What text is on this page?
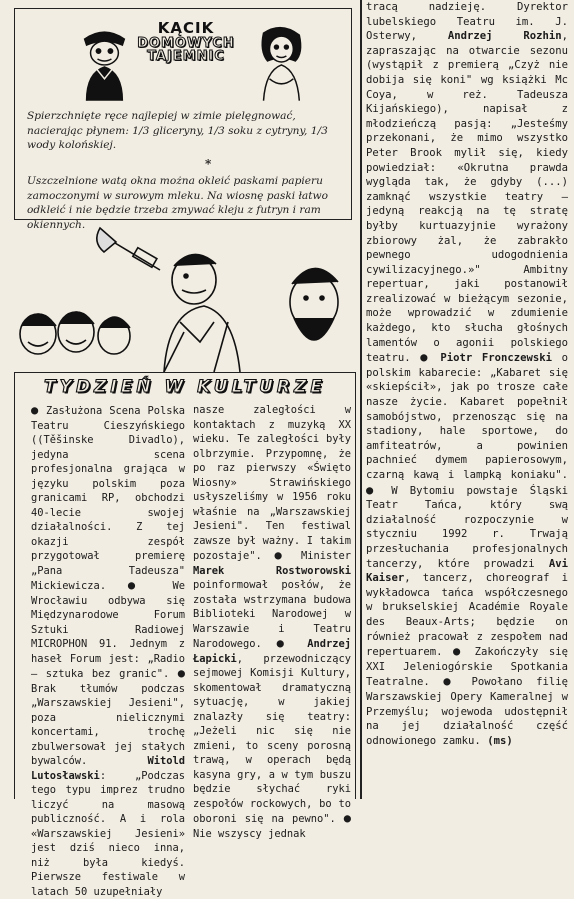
KĄCIK
DOMOWYCH
TAJEMNIC

Spierzchnięte ręce najlepiej w zimie pielęgnować, nacierając płynem: 1/3 gliceryny, 1/3 soku z cytryny, 1/3 wody kolońskiej.

*

Uszczelnione watą okna można okleić paskami papieru zamoczonymi w surowym mleku. Na wiosnę paski łatwo odkleić i nie będzie trzeba zmywać kleju z futryn i ram okiennych.

TYDZIEŃ W KULTURZE

● Zasłużona Scena Polska Teatru Cieszyńskiego ((Těšinske Divadlo), jedyna scena profesjonalna grająca w języku polskim poza granicami RP, obchodzi 40-lecie swojej działalności. Z tej okazji zespół przygotował premierę „Pana Tadeusza" Mickiewicza. ● We Wrocławiu odbywa się Międzynarodowe Forum Sztuki Radiowej MICROPHON 91. Jednym z haseł Forum jest: „Radio — sztuka bez granic". ● Brak tłumów podczas „Warszawskiej Jesieni", poza nielicznymi koncertami, trochę zbulwersował jej stałych bywalców.	Witold Lutosławski: „Podczas tego typu imprez trudno liczyć na masową publiczność. A i rola «Warszawskiej Jesieni» jest dziś nieco inna, niż była kiedyś. Pierwsze festiwale w latach 50 uzupełniały

nasze zaległości w kontaktach z muzyką XX wieku. Te zaległości były olbrzymie. Przypomnę, że po raz pierwszy «Święto Wiosny» Strawińskiego usłyszeliśmy w 1956 roku właśnie na „Warszawskiej Jesieni". Ten festiwal zawsze był ważny. I takim pozostaje". ● Minister Marek Rostworowski poinformował posłów, że została wstrzymana budowa Biblioteki Narodowej w Warszawie i Teatru Narodowego. ● Andrzej Łapicki, przewodniczący sejmowej Komisji Kultury, skomentował dramatyczną sytuację, w jakiej znalazły się teatry: „Jeżeli nic się nie zmieni, to sceny porosną trawą, w operach będą kasyna gry, a w tym buszu będzie słychać ryki zespołów rockowych, bo to oboroni się na pewno". ● Nie wszyscy jednak

tracą nadzieję. Dyrektor lubelskiego Teatru im. J. Osterwy,	Andrzej Rozhin, zapraszając na otwarcie sezonu (wystąpił z premierą „Czyż nie dobija się koni" wg książki Mc Coya, w reż. Tadeusza Kijańskiego), napisał z młodzieńczą pasją: „Jesteśmy przekonani, że mimo wszystko Peter Brook mylił się, kiedy powiedział: «Okrutna prawda wygląda tak, że gdyby (...) zamknąć wszystkie teatry — jedyną reakcją na tę stratę byłby kurtuazyjnie wyrażony zbiorowy żal, że zabrakło pewnego udogodnienia cywilizacyjnego.»" Ambitny repertuar, jaki postanowił zrealizować w bieżącym sezonie, może wprowadzić w zdumienie każdego, kto słucha głośnych lamentów o agonii polskiego teatru. ● Piotr Fronczewski o polskim kabarecie: „Kabaret się «skiepścił», jak po trosze całe nasze życie. Kabaret popełnił samobójstwo, przenosząc się na stadiony, hale sportowe, do amfiteatrów, a powinien pachnieć dymem papierosowym, czarną kawą i lampką koniaku". ● W Bytomiu powstaje Śląski Teatr Tańca, który swą działalność rozpoczynie w styczniu 1992 r. Trwają przesłuchania profesjonalnych tancerzy, które prowadzi Avi Kaiser, tancerz, choreograf i wykładowca tańca współczesnego w brukselskiej Académie Royale des Beaux-Arts; będzie on również pracował z zespołem nad repertuarem. ● Zakończyły się XXI Jeleniogórskie Spotkania Teatralne. ● Powołano filię Warszawskiej Opery Kameralnej w Przemyślu; wojewoda udostępnił na jej działalność część odnowionego zamku. (ms)
